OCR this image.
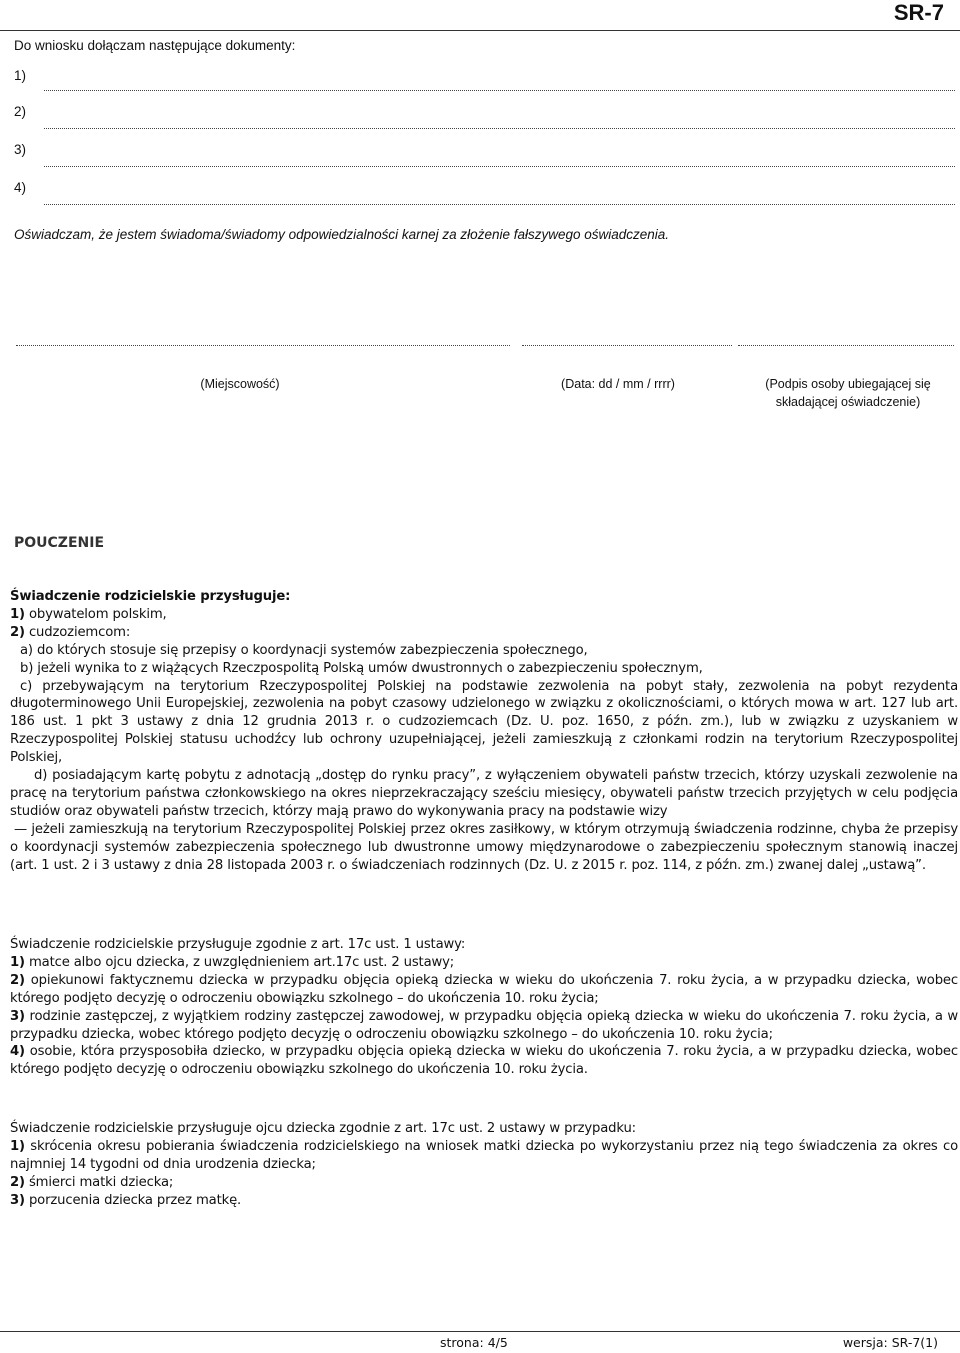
SR-7
Do wniosku dołączam następujące dokumenty:
1)
2)
3)
4)
Oświadczam, że jestem świadoma/świadomy odpowiedzialności karnej za złożenie fałszywego oświadczenia.
(Miejscowość)	(Data: dd / mm / rrrr)	(Podpis osoby ubiegającej się
składającej oświadczenie)
POUCZENIE

Świadczenie rodzicielskie przysługuje:

1) obywatelom polskim,

2) cudzoziemcom:

a) do których stosuje się przepisy o koordynacji systemów zabezpieczenia społecznego,

b) jeżeli wynika to z wiążących Rzeczpospolitą Polską umów dwustronnych o zabezpieczeniu społecznym,

c) przebywającym na terytorium Rzeczypospolitej Polskiej na podstawie zezwolenia na pobyt stały, zezwolenia na pobyt rezydenta długoterminowego Unii Europejskiej, zezwolenia na pobyt czasowy udzielonego w związku z okolicznościami, o których mowa w art. 127 lub art. 186 ust. 1 pkt 3 ustawy z dnia 12 grudnia 2013 r. o cudzoziemcach (Dz. U. poz. 1650, z późn. zm.), lub w związku z uzyskaniem w Rzeczypospolitej Polskiej statusu uchodźcy lub ochrony uzupełniającej, jeżeli zamieszkują z członkami rodzin na terytorium Rzeczypospolitej Polskiej,

d) posiadającym kartę pobytu z adnotacją „dostęp do rynku pracy”, z wyłączeniem obywateli państw trzecich, którzy uzyskali zezwolenie na pracę na terytorium państwa członkowskiego na okres nieprzekraczający sześciu miesięcy, obywateli państw trzecich przyjętych w celu podjęcia studiów oraz obywateli państw trzecich, którzy mają prawo do wykonywania pracy na podstawie wizy

— jeżeli zamieszkują na terytorium Rzeczypospolitej Polskiej przez okres zasiłkowy, w którym otrzymują świadczenia rodzinne, chyba że przepisy o koordynacji systemów zabezpieczenia społecznego lub dwustronne umowy międzynarodowe o zabezpieczeniu społecznym stanowią inaczej (art. 1 ust. 2 i 3 ustawy z dnia 28 listopada 2003 r. o świadczeniach rodzinnych (Dz. U. z 2015 r. poz. 114, z późn. zm.) zwanej dalej „ustawą”.

Świadczenie rodzicielskie przysługuje zgodnie z art. 17c ust. 1 ustawy:

1) matce albo ojcu dziecka, z uwzględnieniem art.17c ust. 2 ustawy;

2) opiekunowi faktycznemu dziecka w przypadku objęcia opieką dziecka w wieku do ukończenia 7. roku życia, a w przypadku dziecka, wobec którego podjęto decyzję o odroczeniu obowiązku szkolnego – do ukończenia 10. roku życia;

3) rodzinie zastępczej, z wyjątkiem rodziny zastępczej zawodowej, w przypadku objęcia opieką dziecka w wieku do ukończenia 7. roku życia, a w przypadku dziecka, wobec którego podjęto decyzję o odroczeniu obowiązku szkolnego – do ukończenia 10. roku życia;

4) osobie, która przysposobiła dziecko, w przypadku objęcia opieką dziecka w wieku do ukończenia 7. roku życia, a w przypadku dziecka, wobec którego podjęto decyzję o odroczeniu obowiązku szkolnego do ukończenia 10. roku życia.

Świadczenie rodzicielskie przysługuje ojcu dziecka zgodnie z art. 17c ust. 2 ustawy w przypadku:

1) skrócenia okresu pobierania świadczenia rodzicielskiego na wniosek matki dziecka po wykorzystaniu przez nią tego świadczenia za okres co najmniej 14 tygodni od dnia urodzenia dziecka;

2) śmierci matki dziecka;

3) porzucenia dziecka przez matkę.

strona: 4/5	wersja: SR-7(1)
